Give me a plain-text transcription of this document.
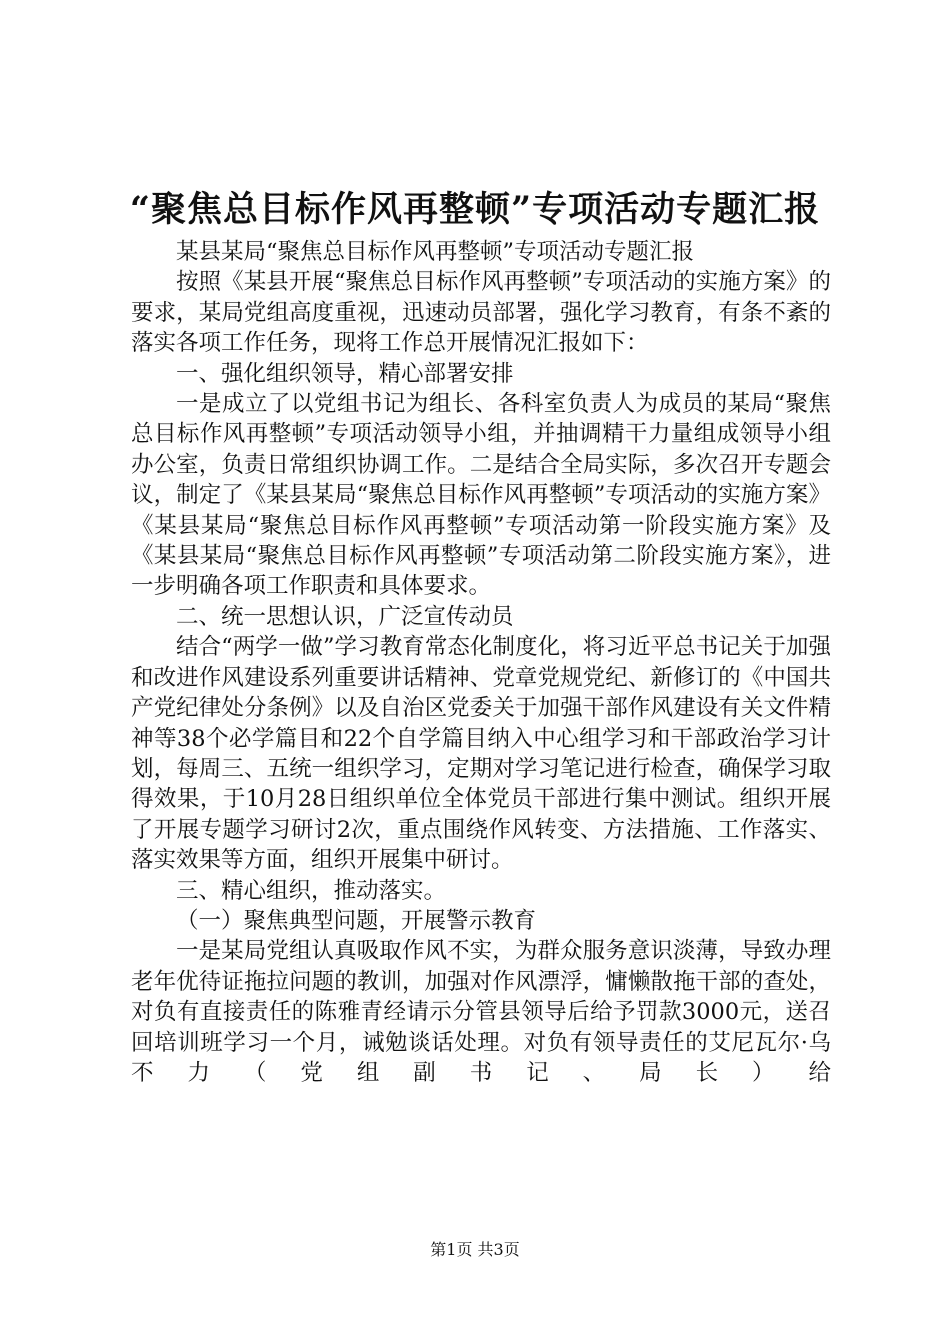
“聚焦总目标作风再整顿”专项活动专题汇报

某县某局“聚焦总目标作风再整顿”专项活动专题汇报

按照《某县开展“聚焦总目标作风再整顿”专项活动的实施方案》的要求，某局党组高度重视，迅速动员部署，强化学习教育，有条不紊的落实各项工作任务，现将工作总开展情况汇报如下：

一、强化组织领导，精心部署安排

一是成立了以党组书记为组长、各科室负责人为成员的某局“聚焦总目标作风再整顿”专项活动领导小组，并抽调精干力量组成领导小组办公室，负责日常组织协调工作。二是结合全局实际，多次召开专题会议，制定了《某县某局“聚焦总目标作风再整顿”专项活动的实施方案》《某县某局“聚焦总目标作风再整顿”专项活动第一阶段实施方案》及《某县某局“聚焦总目标作风再整顿”专项活动第二阶段实施方案》，进一步明确各项工作职责和具体要求。

二、统一思想认识，广泛宣传动员

结合“两学一做”学习教育常态化制度化，将习近平总书记关于加强和改进作风建设系列重要讲话精神、党章党规党纪、新修订的《中国共产党纪律处分条例》以及自治区党委关于加强干部作风建设有关文件精神等38个必学篇目和22个自学篇目纳入中心组学习和干部政治学习计划，每周三、五统一组织学习，定期对学习笔记进行检查，确保学习取得效果，于10月28日组织单位全体党员干部进行集中测试。组织开展了开展专题学习研讨2次，重点围绕作风转变、方法措施、工作落实、落实效果等方面，组织开展集中研讨。

三、精心组织，推动落实。

（一）聚焦典型问题，开展警示教育

一是某局党组认真吸取作风不实，为群众服务意识淡薄，导致办理老年优待证拖拉问题的教训，加强对作风漂浮，慵懒散拖干部的查处，对负有直接责任的陈雅青经请示分管县领导后给予罚款3000元，送召回培训班学习一个月，诫勉谈话处理。对负有领导责任的艾尼瓦尔·乌不力（党组副书记、局长）给

第1页 共3页
